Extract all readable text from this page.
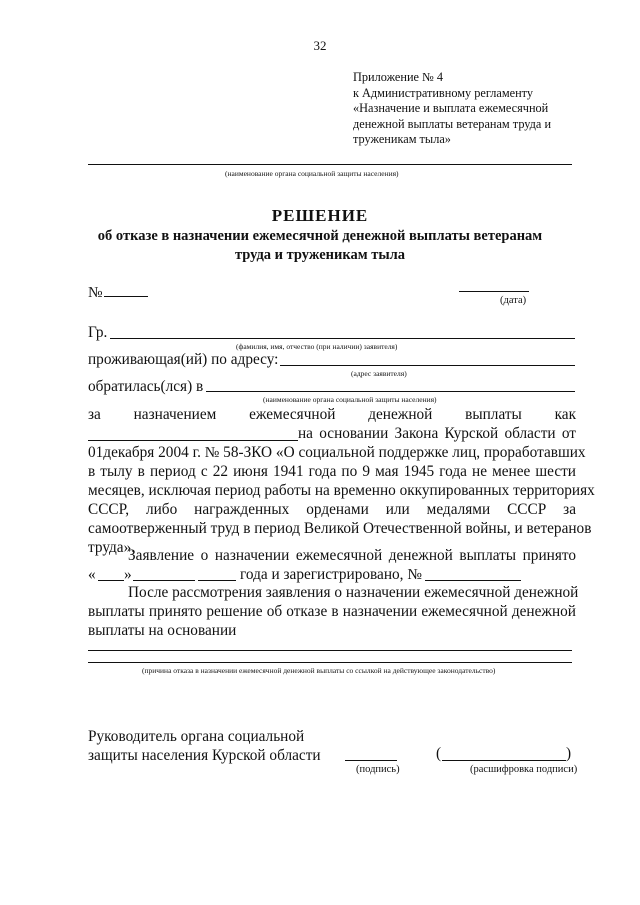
32
Приложение № 4
к Административному регламенту
«Назначение и выплата ежемесячной
денежной выплаты ветеранам труда и
труженикам тыла»
(наименование органа социальной защиты населения)
РЕШЕНИЕ
об отказе в назначении ежемесячной денежной выплаты ветеранам
труда и труженикам тыла
№	(дата)
Гр.
(фамилия, имя, отчество (при наличии) заявителя)
проживающая(ий) по адресу:
(адрес заявителя)
обратилась(лся) в
(наименование органа социальной защиты населения)
за назначением ежемесячной денежной выплаты как
на основании Закона Курской области от
01декабря 2004 г. № 58-ЗКО «О социальной поддержке лиц, проработавших
в тылу в период с 22 июня 1941 года по 9 мая 1945 года не менее шести
месяцев, исключая период работы на временно оккупированных территориях
СССР, либо награжденных орденами или медалями СССР за
самоотверженный труд в период Великой Отечественной войны, и ветеранов
труда».
Заявление о назначении ежемесячной денежной выплаты принято
« »	года и зарегистрировано, №
После рассмотрения заявления о назначении ежемесячной денежной
выплаты принято решение об отказе в назначении ежемесячной денежной
выплаты на основании
(причина отказа в назначении ежемесячной денежной выплаты со ссылкой на действующее законодательство)
Руководитель органа социальной
защиты населения Курской области
(подпись)
(	)
(расшифровка подписи)
